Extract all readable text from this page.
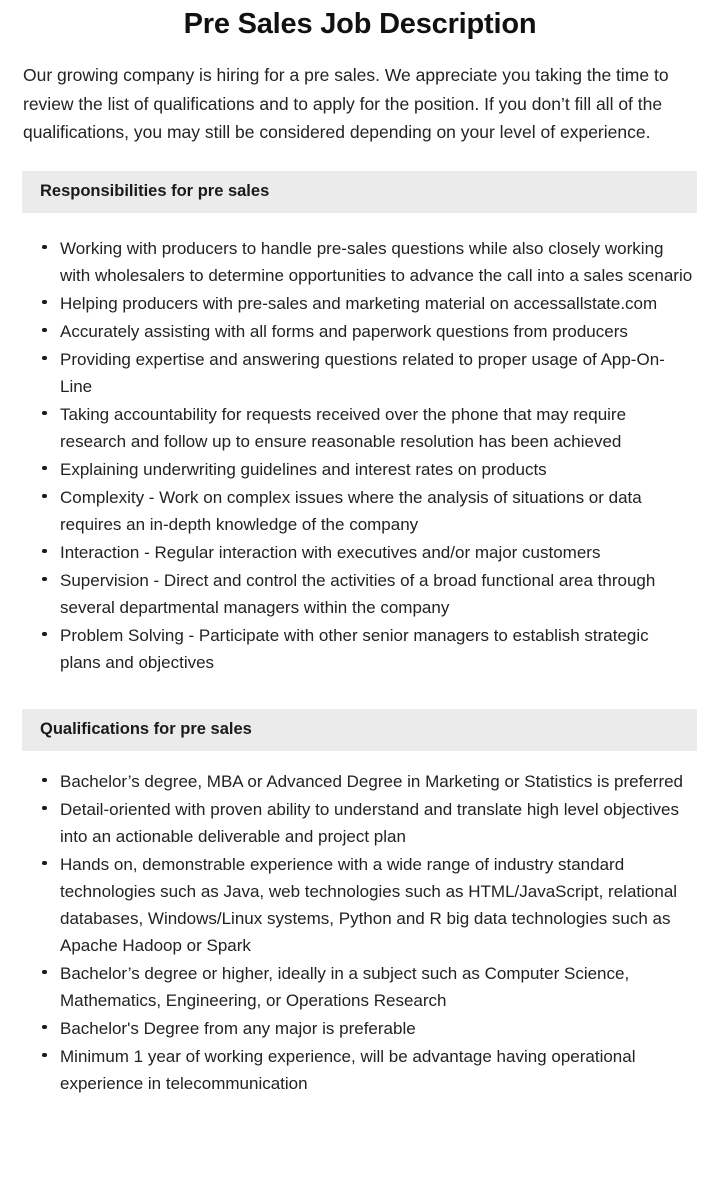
Pre Sales Job Description

Our growing company is hiring for a pre sales. We appreciate you taking the time to review the list of qualifications and to apply for the position. If you don’t fill all of the qualifications, you may still be considered depending on your level of experience.

Responsibilities for pre sales
Working with producers to handle pre-sales questions while also closely working with wholesalers to determine opportunities to advance the call into a sales scenario
Helping producers with pre-sales and marketing material on accessallstate.com
Accurately assisting with all forms and paperwork questions from producers
Providing expertise and answering questions related to proper usage of App-On-Line
Taking accountability for requests received over the phone that may require research and follow up to ensure reasonable resolution has been achieved
Explaining underwriting guidelines and interest rates on products
Complexity - Work on complex issues where the analysis of situations or data requires an in-depth knowledge of the company
Interaction - Regular interaction with executives and/or major customers
Supervision - Direct and control the activities of a broad functional area through several departmental managers within the company
Problem Solving - Participate with other senior managers to establish strategic plans and objectives
Qualifications for pre sales
Bachelor’s degree, MBA or Advanced Degree in Marketing or Statistics is preferred
Detail-oriented with proven ability to understand and translate high level objectives into an actionable deliverable and project plan
Hands on, demonstrable experience with a wide range of industry standard technologies such as Java, web technologies such as HTML/JavaScript, relational databases, Windows/Linux systems, Python and R big data technologies such as Apache Hadoop or Spark
Bachelor’s degree or higher, ideally in a subject such as Computer Science, Mathematics, Engineering, or Operations Research
Bachelor's Degree from any major is preferable
Minimum 1 year of working experience, will be advantage having operational experience in telecommunication
